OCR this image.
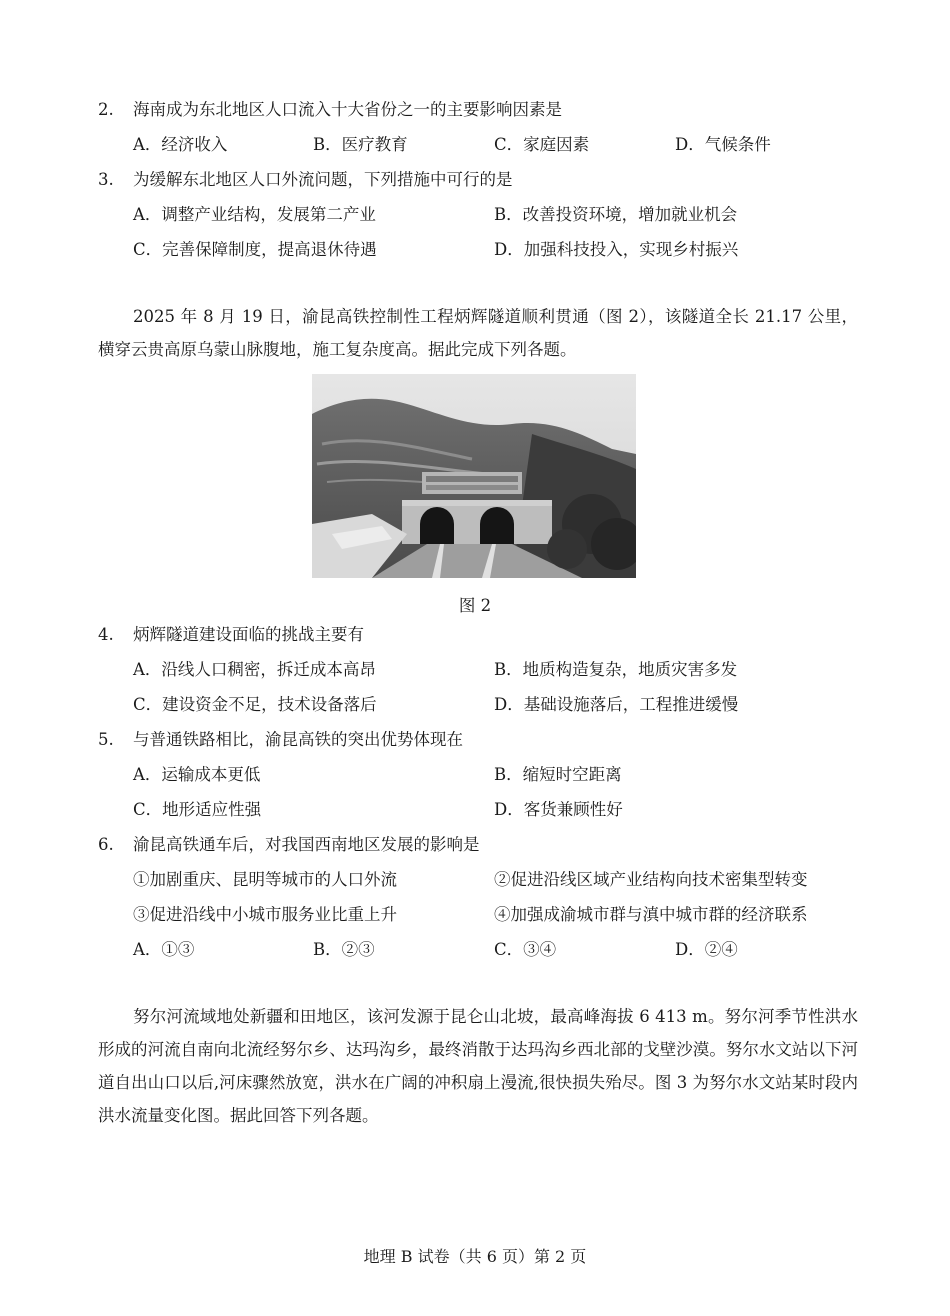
2. 海南成为东北地区人口流入十大省份之一的主要影响因素是
A．经济收入	B．医疗教育	C．家庭因素	D．气候条件
3. 为缓解东北地区人口外流问题，下列措施中可行的是
A．调整产业结构，发展第二产业	B．改善投资环境，增加就业机会
C．完善保障制度，提高退休待遇	D．加强科技投入，实现乡村振兴

2025 年 8 月 19 日，渝昆高铁控制性工程炳辉隧道顺利贯通（图 2），该隧道全长 21.17 公里，横穿云贵高原乌蒙山脉腹地，施工复杂度高。据此完成下列各题。

图 2
4. 炳辉隧道建设面临的挑战主要有
A．沿线人口稠密，拆迁成本高昂	B．地质构造复杂，地质灾害多发
C．建设资金不足，技术设备落后	D．基础设施落后，工程推进缓慢
5. 与普通铁路相比，渝昆高铁的突出优势体现在
A．运输成本更低	B．缩短时空距离
C．地形适应性强	D．客货兼顾性好
6. 渝昆高铁通车后，对我国西南地区发展的影响是
①加剧重庆、昆明等城市的人口外流	②促进沿线区域产业结构向技术密集型转变
③促进沿线中小城市服务业比重上升	④加强成渝城市群与滇中城市群的经济联系
A．①③	B．②③	C．③④	D．②④

努尔河流域地处新疆和田地区，该河发源于昆仑山北坡，最高峰海拔 6 413 m。努尔河季节性洪水形成的河流自南向北流经努尔乡、达玛沟乡，最终消散于达玛沟乡西北部的戈壁沙漠。努尔水文站以下河道自出山口以后,河床骤然放宽，洪水在广阔的冲积扇上漫流,很快损失殆尽。图 3 为努尔水文站某时段内洪水流量变化图。据此回答下列各题。

地理 B 试卷（共 6 页）第 2 页
